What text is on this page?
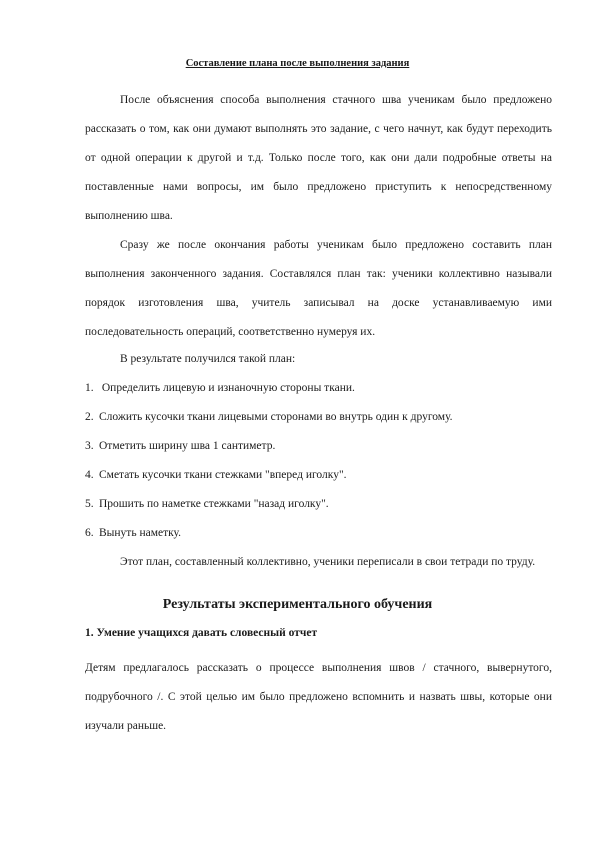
Составление плана после выполнения задания
После объяснения способа выполнения стачного шва ученикам было предложено рассказать о том, как они думают выполнять это задание, с чего начнут, как будут переходить от одной операции к другой и т.д. Только после того, как они дали подробные ответы на поставленные нами вопросы, им было предложено приступить к непосредственному выполнению шва.
Сразу же после окончания работы ученикам было предложено составить план выполнения законченного задания. Составлялся план так: ученики коллективно называли порядок изготовления шва, учитель записывал на доске устанавливаемую ими последовательность операций, соответственно нумеруя их.
В результате получился такой план:
1. Определить лицевую и изнаночную стороны ткани.
2. Сложить кусочки ткани лицевыми сторонами во внутрь один к другому.
3. Отметить ширину шва 1 сантиметр.
4. Сметать кусочки ткани стежками "вперед иголку".
5. Прошить по наметке стежками "назад иголку".
6. Вынуть наметку.
Этот план, составленный коллективно, ученики переписали в свои тетради по труду.
Результаты экспериментального обучения
1. Умение учащихся давать словесный отчет
Детям предлагалось рассказать о процессе выполнения швов / стачного, вывернутого, подрубочного /. С этой целью им было предложено вспомнить и назвать швы, которые они изучали раньше.
